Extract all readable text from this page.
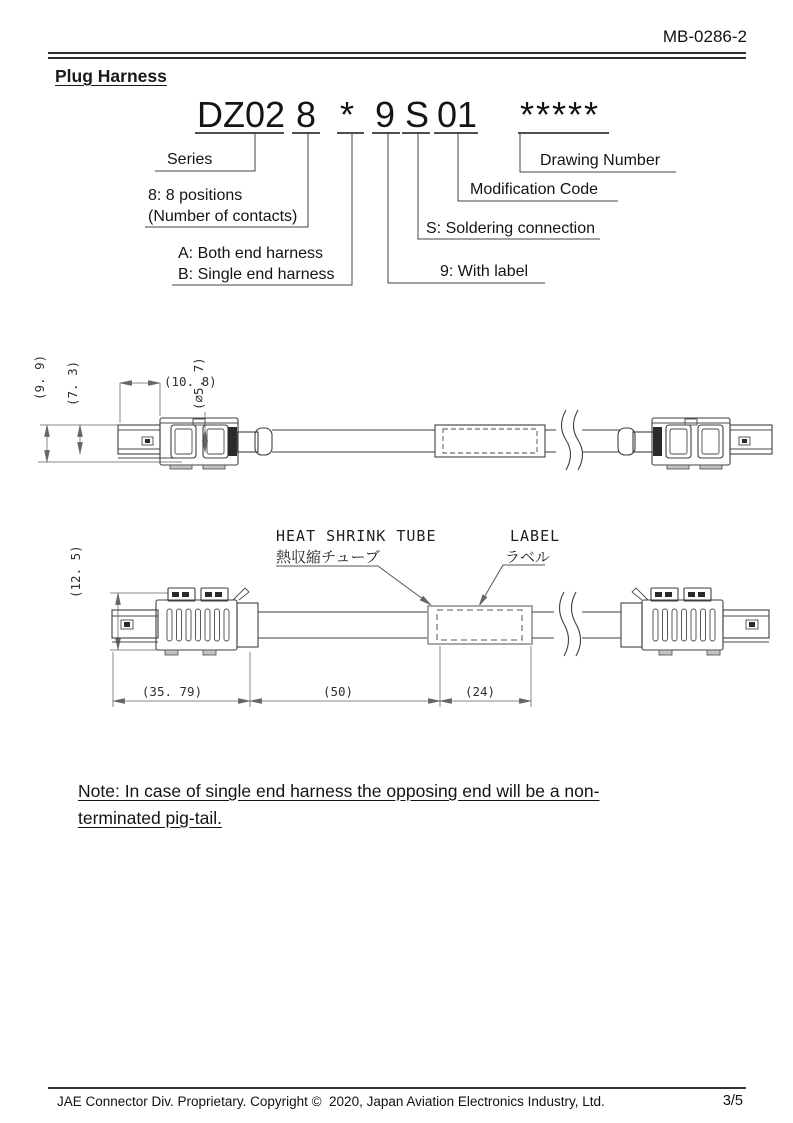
MB-0286-2
Plug Harness
DZ02 8 * 9 S 01 *****
Series
8: 8 positions
(Number of contacts)
A: Both end harness
B: Single end harness	9: With label
S: Soldering connection
Modification Code
Drawing Number
(9. 9) (7. 3)	(10. 8)
(⌀5. 7)
HEAT SHRINK TUBE
熱収縮チューブ
LABEL
ラベル
(12. 5)
(35. 79)	(50)	(24)
Note: In case of single end harness the opposing end will be a non-
terminated pig-tail.
JAE Connector Div. Proprietary. Copyright ©  2020, Japan Aviation Electronics Industry, Ltd.	3/5
